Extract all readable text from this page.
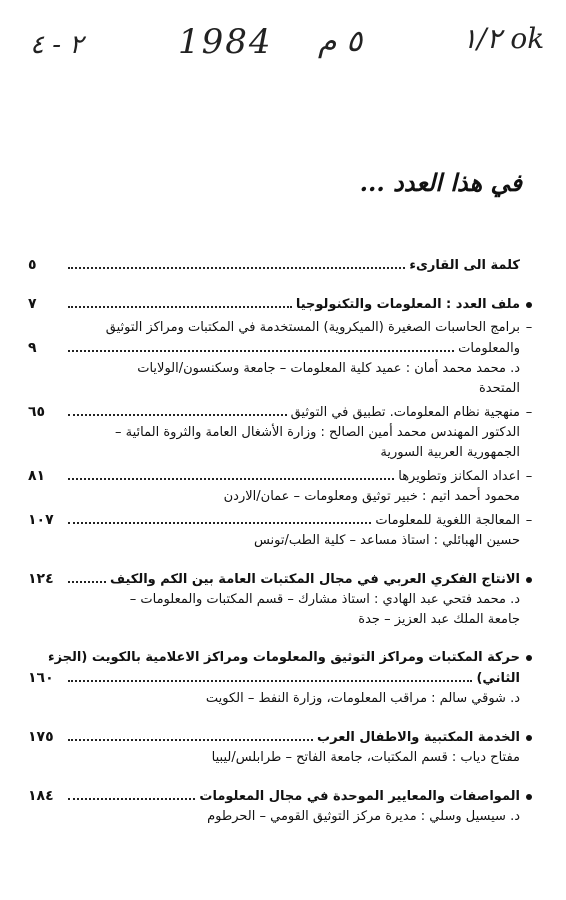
٢ - ٤	1984 ٥ م	١/٢ ok
في هذا العدد ...
كلمة الى القارىء
٥
ملف العدد : المعلومات والتكنولوجيا
٧
–
برامج الحاسبات الصغيرة (الميكروية) المستخدمة في المكتبات ومراكز التوثيق
والمعلومات
٩
د. محمد محمد أمان : عميد كلية المعلومات – جامعة وسكنسون/الولايات
المتحدة
–
منهجية نظام المعلومات. تطبيق في التوثيق
٦٥
الدكتور المهندس محمد أمين الصالح : وزارة الأشغال العامة والثروة المائية –
الجمهورية العربية السورية
–
اعداد المكانز وتطويرها
٨١
محمود أحمد اتيم : خبير توثيق ومعلومات – عمان/الاردن
–
المعالجة اللغوية للمعلومات
١٠٧
حسين الهبائلي : استاذ مساعد – كلية الطب/تونس
الانتاج الفكري العربي في مجال المكتبات العامة بين الكم والكيف
١٢٤
د. محمد فتحي عبد الهادي : استاذ مشارك – قسم المكتبات والمعلومات –
جامعة الملك عبد العزيز – جدة
حركة المكتبات ومراكز التوثيق والمعلومات ومراكز الاعلامية بالكويت (الجزء
الثاني)
١٦٠
د. شوقي سالم : مراقب المعلومات، وزارة النفط – الكويت
الخدمة المكتبية والاطفال العرب
١٧٥
مفتاح دياب : قسم المكتبات، جامعة الفاتح – طرابلس/ليبيا
المواصفات والمعايير الموحدة في مجال المعلومات
١٨٤
د. سيسيل وسلي : مديرة مركز التوثيق القومي – الحرطوم
